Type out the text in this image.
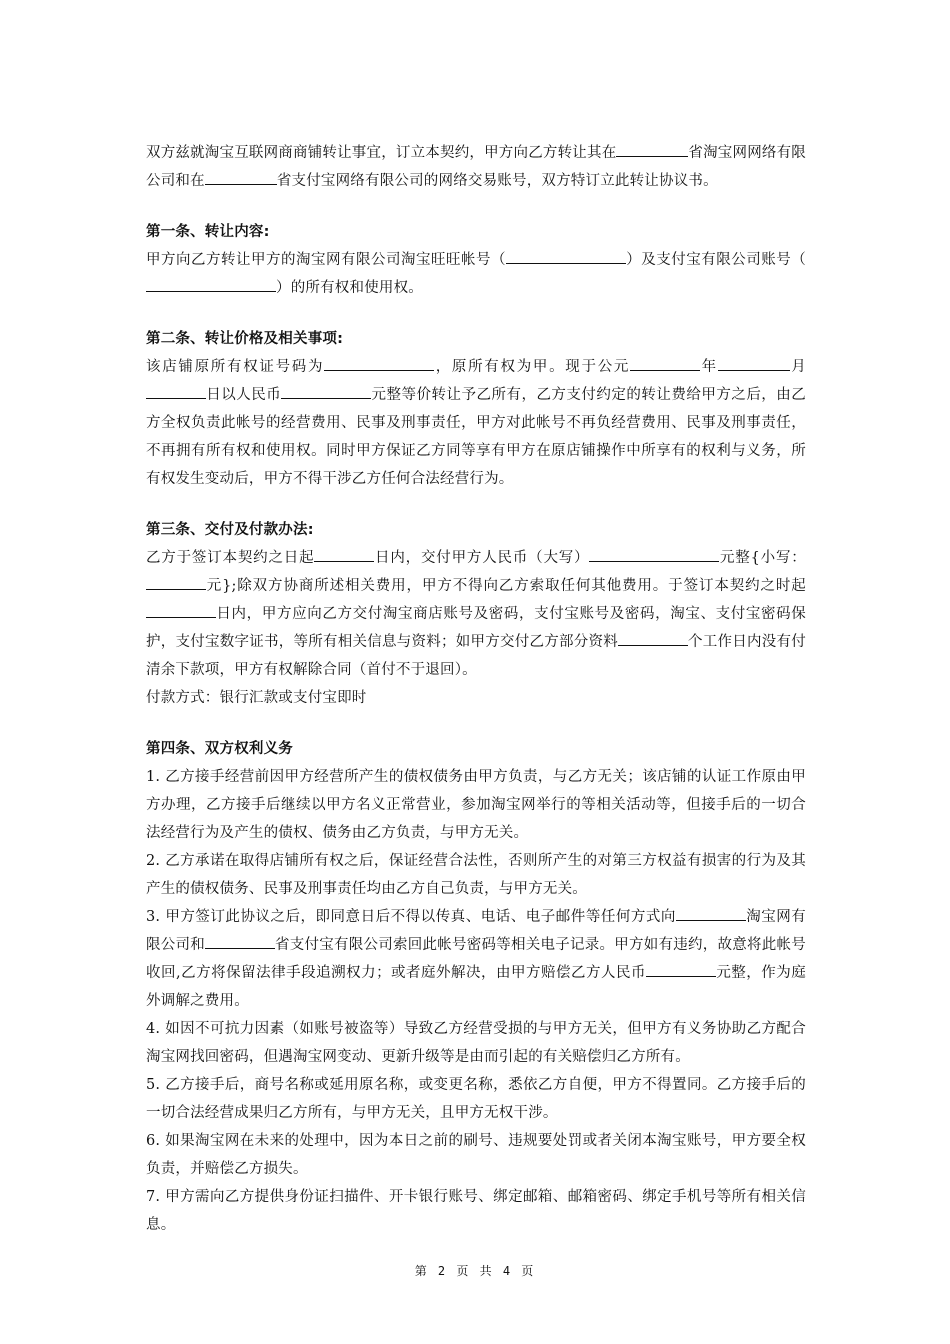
双方兹就淘宝互联网商商铺转让事宜，订立本契约，甲方向乙方转让其在	省淘宝网网络有限公司和在	省支付宝网络有限公司的网络交易账号，双方特订立此转让协议书。

第一条、转让内容:

甲方向乙方转让甲方的淘宝网有限公司淘宝旺旺帐号（	）及支付宝有限公司账号（）的所有权和使用权。

第二条、转让价格及相关事项:

该店铺原所有权证号码为	，原所有权为甲。现于公元	年	月日以人民币	元整等价转让予乙所有，乙方支付约定的转让费给甲方之后，由乙方全权负责此帐号的经营费用、民事及刑事责任，甲方对此帐号不再负经营费用、民事及刑事责任，不再拥有所有权和使用权。同时甲方保证乙方同等享有甲方在原店铺操作中所享有的权利与义务，所有权发生变动后，甲方不得干涉乙方任何合法经营行为。

第三条、交付及付款办法:

乙方于签订本契约之日起	日内，交付甲方人民币（大写）	元整{小写：元};除双方协商所述相关费用，甲方不得向乙方索取任何其他费用。于签订本契约之时起日内，甲方应向乙方交付淘宝商店账号及密码，支付宝账号及密码，淘宝、支付宝密码保护，支付宝数字证书，等所有相关信息与资料；如甲方交付乙方部分资料	个工作日内没有付清余下款项，甲方有权解除合同（首付不于退回）。

付款方式：银行汇款或支付宝即时

第四条、双方权利义务

1. 乙方接手经营前因甲方经营所产生的债权债务由甲方负责，与乙方无关；该店铺的认证工作原由甲方办理，乙方接手后继续以甲方名义正常营业，参加淘宝网举行的等相关活动等，但接手后的一切合法经营行为及产生的债权、债务由乙方负责，与甲方无关。

2. 乙方承诺在取得店铺所有权之后，保证经营合法性，否则所产生的对第三方权益有损害的行为及其产生的债权债务、民事及刑事责任均由乙方自己负责，与甲方无关。

3. 甲方签订此协议之后，即同意日后不得以传真、电话、电子邮件等任何方式向	淘宝网有限公司和	省支付宝有限公司索回此帐号密码等相关电子记录。甲方如有违约，故意将此帐号收回,乙方将保留法律手段追溯权力；或者庭外解决，由甲方赔偿乙方人民币	元整，作为庭外调解之费用。

4. 如因不可抗力因素（如账号被盗等）导致乙方经营受损的与甲方无关，但甲方有义务协助乙方配合淘宝网找回密码，但遇淘宝网变动、更新升级等是由而引起的有关赔偿归乙方所有。

5. 乙方接手后，商号名称或延用原名称，或变更名称，悉依乙方自便，甲方不得置同。乙方接手后的一切合法经营成果归乙方所有，与甲方无关，且甲方无权干涉。

6. 如果淘宝网在未来的处理中，因为本日之前的刷号、违规要处罚或者关闭本淘宝账号，甲方要全权负责，并赔偿乙方损失。

7. 甲方需向乙方提供身份证扫描件、开卡银行账号、绑定邮箱、邮箱密码、绑定手机号等所有相关信息。

第 2 页 共 4 页
